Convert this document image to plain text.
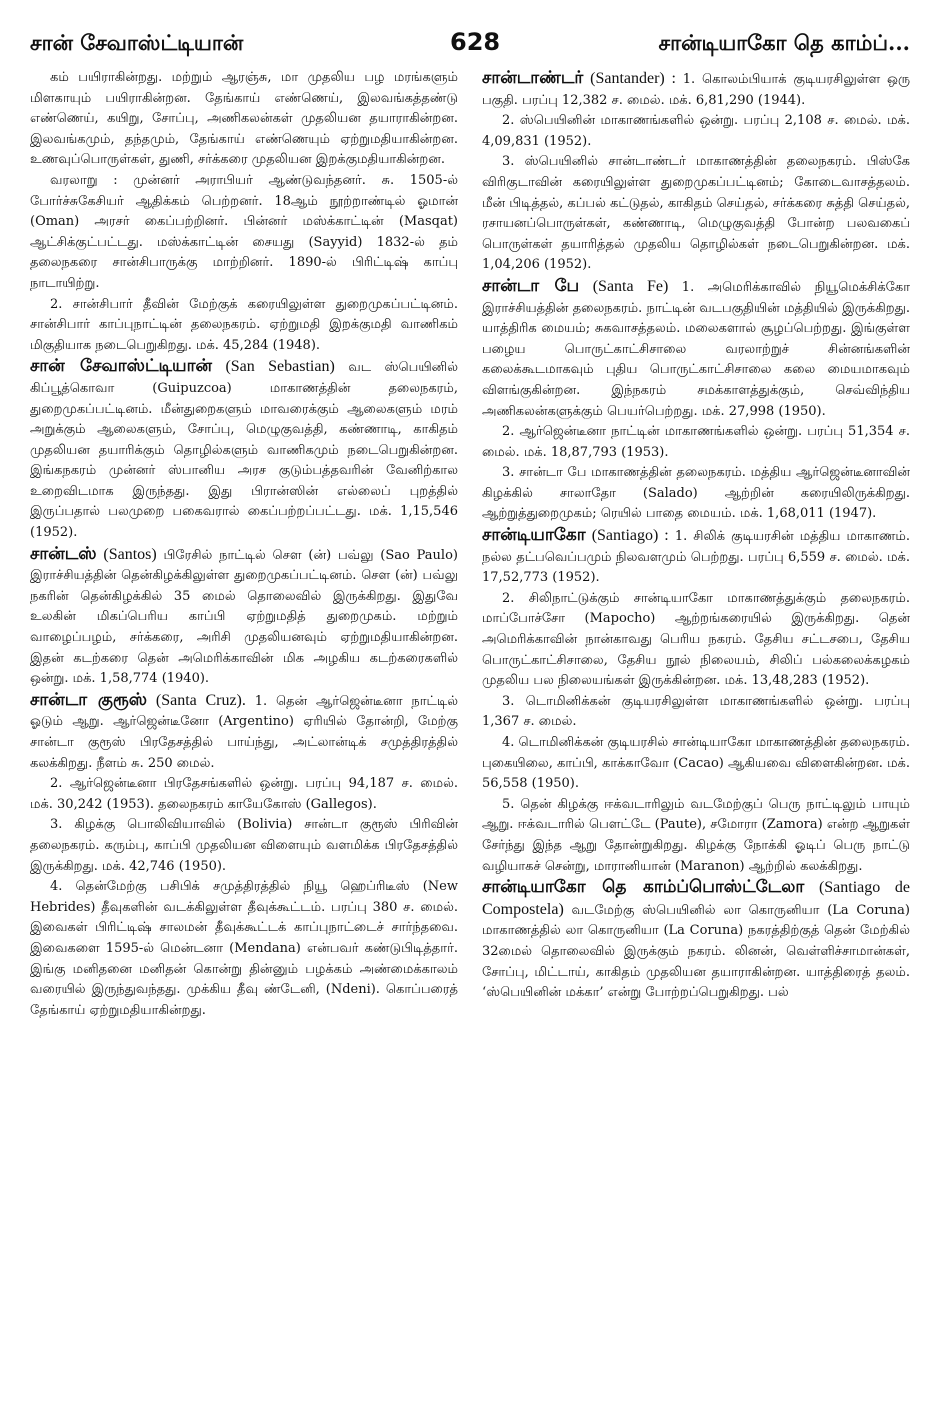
சான் சேவாஸ்ட்டியான்	628	சான்டியாகோ தெ காம்ப்...

கம் பயிராகின்றது. மற்றும் ஆரஞ்சு, மா முதலிய பழ மரங்களும் மிளகாயும் பயிராகின்றன. தேங்காய் எண்ணெய், இலவங்கத்தண்டு எண்ணெய், கயிறு, சோப்பு, அணிகலன்கள் முதலியன தயாராகின்றன. இலவங்கமும், தந்தமும், தேங்காய் எண்ணெயும் ஏற்றுமதியாகின்றன. உணவுப்பொருள்கள், துணி, சர்க்கரை முதலியன இறக்குமதியாகின்றன.

வரலாறு : முன்னர் அராபியர் ஆண்டுவந்தனர். சு. 1505-ல் போர்ச்சுகேசியர் ஆதிக்கம் பெற்றனர். 18ஆம் நூற்றாண்டில் ஓமான் (Oman) அரசர் கைப்பற்றினர். பின்னர் மஸ்க்காட்டின் (Masqat) ஆட்சிக்குட்பட்டது. மஸ்க்காட்டின் சையது (Sayyid) 1832-ல் தம் தலைநகரை சான்சிபாருக்கு மாற்றினர். 1890-ல் பிரிட்டிஷ் காப்பு நாடாயிற்று.

2. சான்சிபார் தீவின் மேற்குக் கரையிலுள்ள துறைமுகப்பட்டினம். சான்சிபார் காப்புநாட்டின் தலைநகரம். ஏற்றுமதி இறக்குமதி வாணிகம் மிகுதியாக நடைபெறுகிறது. மக். 45,284 (1948).

சான் சேவாஸ்ட்டியான் (San Sebastian) வட ஸ்பெயினில் கிப்பூத்கொவா (Guipuzcoa) மாகாணத்தின் தலைநகரம், துறைமுகப்பட்டினம். மீன்துறைகளும் மாவரைக்கும் ஆலைகளும் மரம் அறுக்கும் ஆலைகளும், சோப்பு, மெழுகுவத்தி, கண்ணாடி, காகிதம் முதலியன தயாரிக்கும் தொழில்களும் வாணிகமும் நடைபெறுகின்றன. இங்கநகரம் முன்னர் ஸ்பானிய அரச குடும்பத்தவரின் வேனிற்கால உறைவிடமாக இருந்தது. இது பிரான்ஸின் எல்லைப் புறத்தில் இருப்பதால் பலமுறை பகைவரால் கைப்பற்றப்பட்டது. மக். 1,15,546 (1952).

சான்டஸ் (Santos) பிரேசில் நாட்டில் சௌ (ன்) பவ்லு (Sao Paulo) இராச்சியத்தின் தென்கிழக்கிலுள்ள துறைமுகப்பட்டினம். சௌ (ன்) பவ்லு நகரின் தென்கிழக்கில் 35 மைல் தொலைவில் இருக்கிறது. இதுவே உலகின் மிகப்பெரிய காப்பி ஏற்றுமதித் துறைமுகம். மற்றும் வாழைப்பழம், சர்க்கரை, அரிசி முதலியனவும் ஏற்றுமதியாகின்றன. இதன் கடற்கரை தென் அமெரிக்காவின் மிக அழகிய கடற்கரைகளில் ஒன்று. மக். 1,58,774 (1940).

சான்டா குரூஸ் (Santa Cruz). 1. தென் ஆர்ஜென்டீனா நாட்டில் ஓடும் ஆறு. ஆர்ஜென்டீனோ (Argentino) ஏரியில் தோன்றி, மேற்கு சான்டா குரூஸ் பிரதேசத்தில் பாய்ந்து, அட்லான்டிக் சமுத்திரத்தில் கலக்கிறது. நீளம் சு. 250 மைல்.

2. ஆர்ஜென்டீனா பிரதேசங்களில் ஒன்று. பரப்பு 94,187 ச. மைல். மக். 30,242 (1953). தலைநகரம் காயேகோஸ் (Gallegos).

3. கிழக்கு பொலிவியாவில் (Bolivia) சான்டா குரூஸ் பிரிவின் தலைநகரம். கரும்பு, காப்பி முதலியன விளையும் வளமிக்க பிரதேசத்தில் இருக்கிறது. மக். 42,746 (1950).

4. தென்மேற்கு பசிபிக் சமுத்திரத்தில் நியூ ஹெப்ரிடீஸ் (New Hebrides) தீவுகளின் வடக்கிலுள்ள தீவுக்கூட்டம். பரப்பு 380 ச. மைல். இவைகள் பிரிட்டிஷ் சாலமன் தீவுக்கூட்டக் காப்புநாட்டைச் சார்ந்தவை. இவைகளை 1595-ல் மென்டனா (Mendana) என்பவர் கண்டுபிடித்தார். இங்கு மனிதனை மனிதன் கொன்று தின்னும் பழக்கம் அண்மைக்காலம் வரையில் இருந்துவந்தது. முக்கிய தீவு ண்டேனி, (Ndeni). கொப்பரைத் தேங்காய் ஏற்றுமதியாகின்றது.

சான்டாண்டர் (Santander) : 1. கொலம்பியாக் குடியரசிலுள்ள ஒரு பகுதி. பரப்பு 12,382 ச. மைல். மக். 6,81,290 (1944).

2. ஸ்பெயினின் மாகாணங்களில் ஒன்று. பரப்பு 2,108 ச. மைல். மக். 4,09,831 (1952).

3. ஸ்பெயினில் சான்டாண்டர் மாகாணத்தின் தலைநகரம். பிஸ்கே விரிகுடாவின் கரையிலுள்ள துறைமுகப்பட்டினம்; கோடைவாசத்தலம். மீன் பிடித்தல், கப்பல் கட்டுதல், காகிதம் செய்தல், சர்க்கரை சுத்தி செய்தல், ரசாயனப்பொருள்கள், கண்ணாடி, மெழுகுவத்தி போன்ற பலவகைப் பொருள்கள் தயாரித்தல் முதலிய தொழில்கள் நடைபெறுகின்றன. மக். 1,04,206 (1952).

சான்டா பே (Santa Fe) 1. அமெரிக்காவில் நியூமெக்சிக்கோ இராச்சியத்தின் தலைநகரம். நாட்டின் வடபகுதியின் மத்தியில் இருக்கிறது. யாத்திரிக மையம்; சுகவாசத்தலம். மலைகளால் சூழப்பெற்றது. இங்குள்ள பழைய பொருட்காட்சிசாலை வரலாற்றுச் சின்னங்களின் கலைக்கூடமாகவும் புதிய பொருட்காட்சிசாலை கலை மையமாகவும் விளங்குகின்றன. இந்நகரம் சமக்காளத்துக்கும், செவ்விந்திய அணிகலன்களுக்கும் பெயர்பெற்றது. மக். 27,998 (1950).

2. ஆர்ஜென்டீனா நாட்டின் மாகாணங்களில் ஒன்று. பரப்பு 51,354 ச. மைல். மக். 18,87,793 (1953).

3. சான்டா பே மாகாணத்தின் தலைநகரம். மத்திய ஆர்ஜென்டீனாவின் கிழக்கில் சாலாதோ (Salado) ஆற்றின் கரையிலிருக்கிறது. ஆற்றுத்துறைமுகம்; ரெயில் பாதை மையம். மக். 1,68,011 (1947).

சான்டியாகோ (Santiago) : 1. சிலிக் குடியரசின் மத்திய மாகாணம். நல்ல தட்பவெப்பமும் நிலவளமும் பெற்றது. பரப்பு 6,559 ச. மைல். மக். 17,52,773 (1952).

2. சிலிநாட்டுக்கும் சான்டியாகோ மாகாணத்துக்கும் தலைநகரம். மாப்போச்சோ (Mapocho) ஆற்றங்கரையில் இருக்கிறது. தென் அமெரிக்காவின் நான்காவது பெரிய நகரம். தேசிய சட்டசபை, தேசிய பொருட்காட்சிசாலை, தேசிய நூல் நிலையம், சிலிப் பல்கலைக்கழகம் முதலிய பல நிலையங்கள் இருக்கின்றன. மக். 13,48,283 (1952).

3. டொமினிக்கன் குடியரசிலுள்ள மாகாணங்களில் ஒன்று. பரப்பு 1,367 ச. மைல்.

4. டொமினிக்கன் குடியரசில் சான்டியாகோ மாகாணத்தின் தலைநகரம். புகையிலை, காப்பி, காக்காவோ (Cacao) ஆகியவை விளைகின்றன. மக். 56,558 (1950).

5. தென் கிழக்கு ஈக்வடாரிலும் வடமேற்குப் பெரு நாட்டிலும் பாயும் ஆறு. ஈக்வடாரில் பௌட்டே (Paute), சமோரா (Zamora) என்ற ஆறுகள் சேர்ந்து இந்த ஆறு தோன்றுகிறது. கிழக்கு நோக்கி ஓடிப் பெரு நாட்டு வழியாகச் சென்று, மாரானியான் (Maranon) ஆற்றில் கலக்கிறது.

சான்டியாகோ தெ காம்ப்பொஸ்ட்டேலா (Santiago de Compostela) வடமேற்கு ஸ்பெயினில் லா கொருனியா (La Coruna) மாகாணத்தில் லா கொருனியா (La Coruna) நகரத்திற்குத் தென் மேற்கில் 32மைல் தொலைவில் இருக்கும் நகரம். லினன், வெள்ளிச்சாமான்கள், சோப்பு, மிட்டாய், காகிதம் முதலியன தயாராகின்றன. யாத்திரைத் தலம். ‘ஸ்பெயினின் மக்கா’ என்று போற்றப்பெறுகிறது. பல்
